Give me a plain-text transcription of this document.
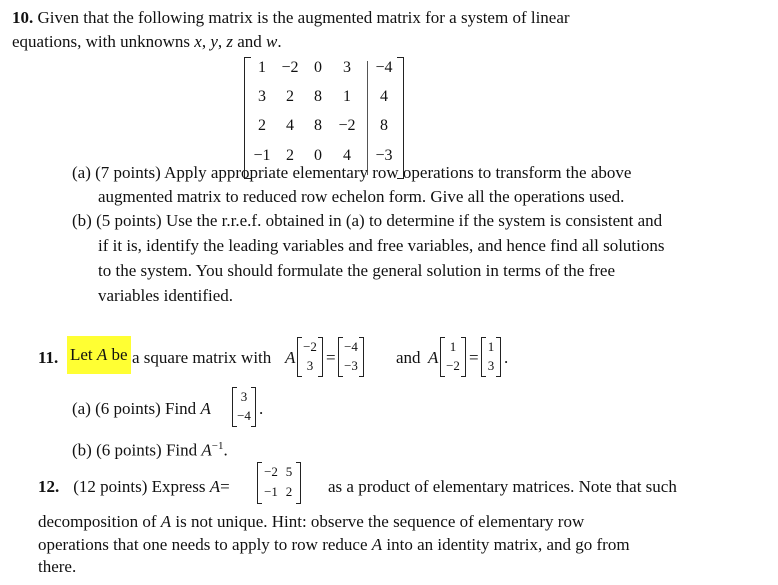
10. Given that the following matrix is the augmented matrix for a system of linear
equations, with unknowns x, y, z and w.
1 −2 0	3	−4
3	2	8	1	4
2	4	8	−2	8
−1 2	0	4	−3
(a) (7 points) Apply appropriate elementary row operations to transform the above
augmented matrix to reduced row echelon form. Give all the operations used.
(b) (5 points) Use the r.r.e.f. obtained in (a) to determine if the system is consistent and
if it is, identify the leading variables and free variables, and hence find all solutions
to the system. You should formulate the general solution in terms of the free
variables identified.
11. Let A be a square matrix with A
−2
3 =
−4
−3	and A
1
−2 =
1
3 .
(a) (6 points) Find A
3
−4 .
(b) (6 points) Find $A^{-1}$.
12. (12 points) Express A=
−2 5
−1 2 as a product of elementary matrices. Note that such
decomposition of A is not unique. Hint: observe the sequence of elementary row
operations that one needs to apply to row reduce A into an identity matrix, and go from
there.
